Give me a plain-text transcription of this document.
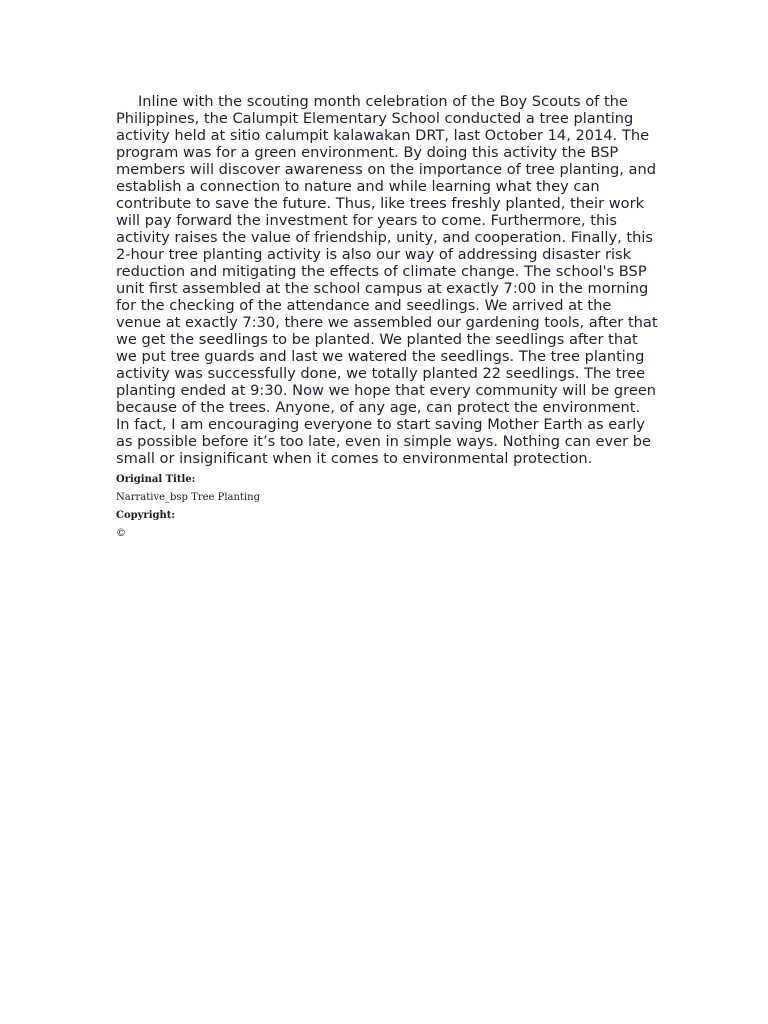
Inline with the scouting month celebration of the Boy Scouts of the Philippines, the Calumpit Elementary School conducted a tree planting activity held at sitio calumpit kalawakan DRT, last October 14, 2014. The program was for a green environment. By doing this activity the BSP members will discover awareness on the importance of tree planting, and establish a connection to nature and while learning what they can contribute to save the future. Thus, like trees freshly planted, their work will pay forward the investment for years to come. Furthermore, this activity raises the value of friendship, unity, and cooperation. Finally, this 2-hour tree planting activity is also our way of addressing disaster risk reduction and mitigating the effects of climate change. The school's BSP unit first assembled at the school campus at exactly 7:00 in the morning for the checking of the attendance and seedlings. We arrived at the venue at exactly 7:30, there we assembled our gardening tools, after that we get the seedlings to be planted. We planted the seedlings after that we put tree guards and last we watered the seedlings. The tree planting activity was successfully done, we totally planted 22 seedlings. The tree planting ended at 9:30. Now we hope that every community will be green because of the trees. Anyone, of any age, can protect the environment. In fact, I am encouraging everyone to start saving Mother Earth as early as possible before it’s too late, even in simple ways. Nothing can ever be small or insignificant when it comes to environmental protection.

Original Title:
Narrative_bsp Tree Planting
Copyright:
©
